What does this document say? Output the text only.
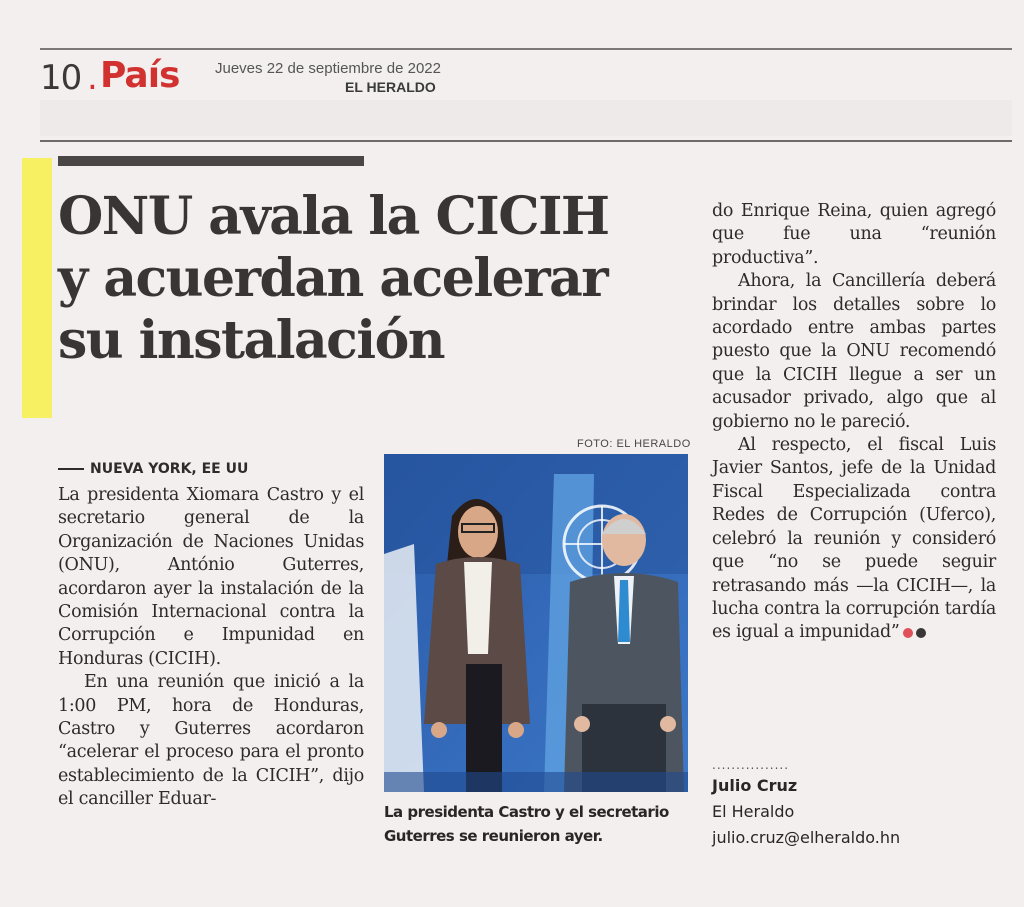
10 . País Jueves 22 de septiembre de 2022
EL HERALDO
ONU avala la CICIH
y acuerdan acelerar
su instalación
NUEVA YORK, EE UU

La presidenta Xiomara Castro y el secretario general de la Organización de Naciones Unidas (ONU), António Guterres, acordaron ayer la instalación de la Comisión Internacional contra la Corrupción e Impunidad en Honduras (CICIH).

En una reunión que inició a la 1:00 PM, hora de Honduras, Castro y Guterres acordaron “acelerar el proceso para el pronto establecimiento de la CICIH”, dijo el canciller Eduar-

FOTO: EL HERALDO

La presidenta Castro y el secretario Guterres se reunieron ayer.

do Enrique Reina, quien agregó que fue una “reunión productiva”.

Ahora, la Cancillería deberá brindar los detalles sobre lo acordado entre ambas partes puesto que la ONU recomendó que la CICIH llegue a ser un acusador privado, algo que al gobierno no le pareció.

Al respecto, el fiscal Luis Javier Santos, jefe de la Unidad Fiscal Especializada contra Redes de Corrupción (Uferco), celebró la reunión y consideró que “no se puede seguir retrasando más —la CICIH—, la lucha contra la corrupción tardía es igual a impunidad”

................
Julio Cruz
El Heraldo
julio.cruz@elheraldo.hn
